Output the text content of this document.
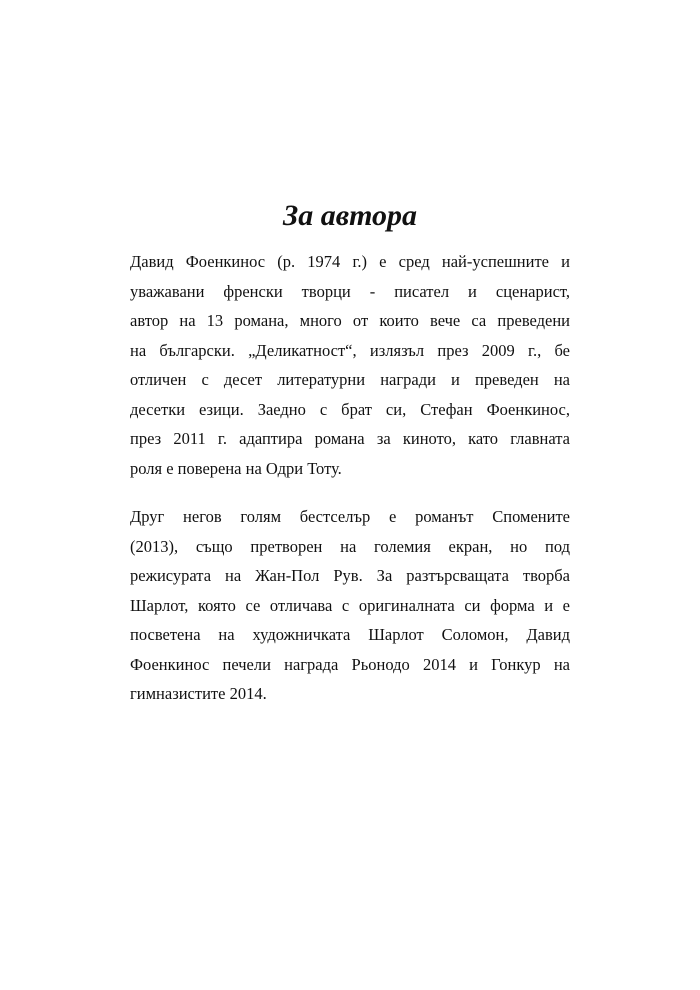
За автора
Давид Фоенкинос (р. 1974 г.) е сред най-успешните и
уважавани френски творци - писател и сценарист,
автор на 13 романа, много от които вече са преведени
на български. „Деликатност“, излязъл през 2009 г., бе
отличен с десет литературни награди и преведен на
десетки езици. Заедно с брат си, Стефан Фоенкинос,
през 2011 г. адаптира романа за киното, като главната
роля е поверена на Одри Тоту.
Друг негов голям бестселър е романът Спомените
(2013), също претворен на големия екран, но под
режисурата на Жан-Пол Рув. За разтърсващата творба
Шарлот, която се отличава с оригиналната си форма и е
посветена на художничката Шарлот Соломон, Давид
Фоенкинос печели награда Рьонодо 2014 и Гонкур на
гимназистите 2014.
